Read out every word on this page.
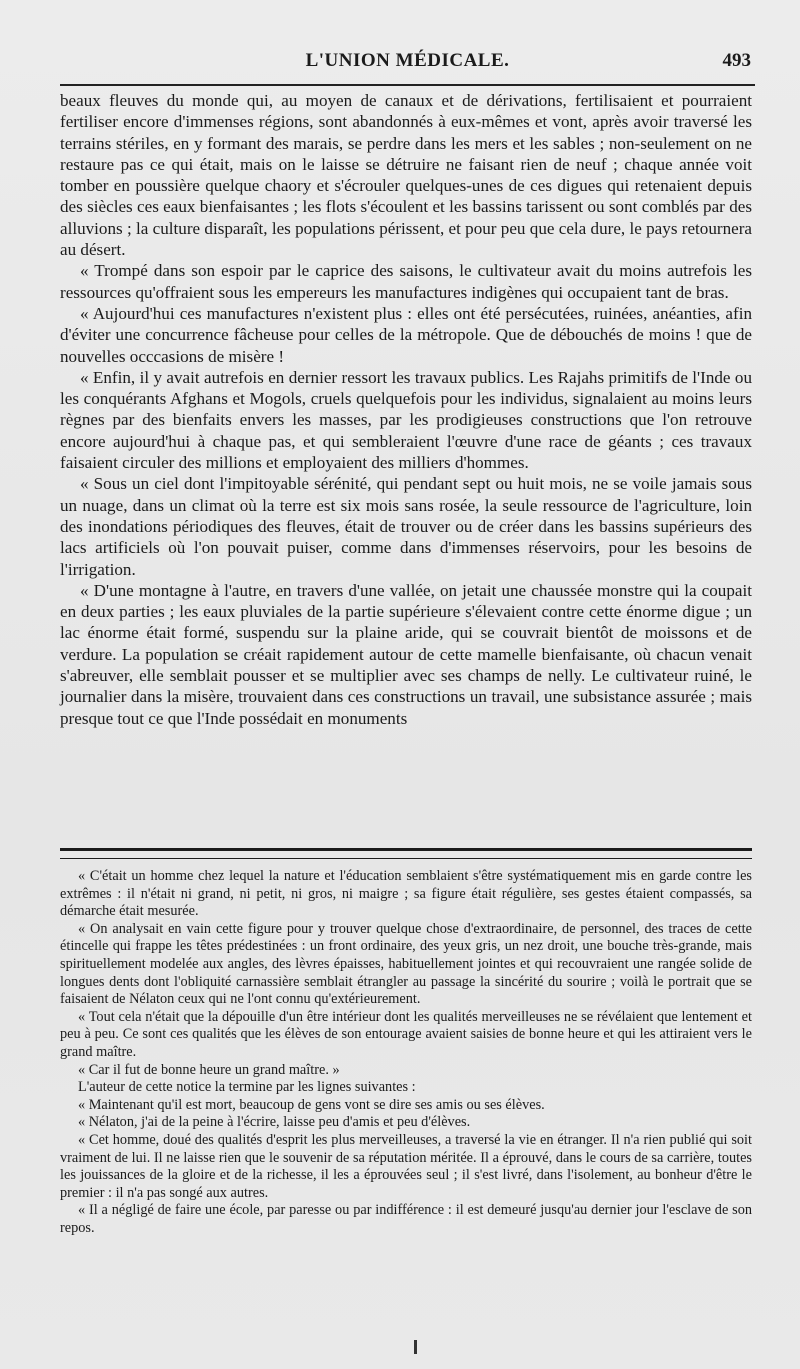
L'UNION MÉDICALE.	493

beaux fleuves du monde qui, au moyen de canaux et de dérivations, fertilisaient et pourraient fertiliser encore d'immenses régions, sont abandonnés à eux-mêmes et vont, après avoir traversé les terrains stériles, en y formant des marais, se perdre dans les mers et les sables ; non-seulement on ne restaure pas ce qui était, mais on le laisse se détruire ne faisant rien de neuf ; chaque année voit tomber en poussière quelque chaory et s'écrouler quelques-unes de ces digues qui retenaient depuis des siècles ces eaux bienfaisantes ; les flots s'écoulent et les bassins tarissent ou sont comblés par des alluvions ; la culture disparaît, les populations périssent, et pour peu que cela dure, le pays retournera au désert.

« Trompé dans son espoir par le caprice des saisons, le cultivateur avait du moins autrefois les ressources qu'offraient sous les empereurs les manufactures indigènes qui occupaient tant de bras.

« Aujourd'hui ces manufactures n'existent plus : elles ont été persécutées, ruinées, anéanties, afin d'éviter une concurrence fâcheuse pour celles de la métropole. Que de débouchés de moins ! que de nouvelles occcasions de misère !

« Enfin, il y avait autrefois en dernier ressort les travaux publics. Les Rajahs primitifs de l'Inde ou les conquérants Afghans et Mogols, cruels quelquefois pour les individus, signalaient au moins leurs règnes par des bienfaits envers les masses, par les prodigieuses constructions que l'on retrouve encore aujourd'hui à chaque pas, et qui sembleraient l'œuvre d'une race de géants ; ces travaux faisaient circuler des millions et employaient des milliers d'hommes.

« Sous un ciel dont l'impitoyable sérénité, qui pendant sept ou huit mois, ne se voile jamais sous un nuage, dans un climat où la terre est six mois sans rosée, la seule ressource de l'agriculture, loin des inondations périodiques des fleuves, était de trouver ou de créer dans les bassins supérieurs des lacs artificiels où l'on pouvait puiser, comme dans d'immenses réservoirs, pour les besoins de l'irrigation.

« D'une montagne à l'autre, en travers d'une vallée, on jetait une chaussée monstre qui la coupait en deux parties ; les eaux pluviales de la partie supérieure s'élevaient contre cette énorme digue ; un lac énorme était formé, suspendu sur la plaine aride, qui se couvrait bientôt de moissons et de verdure. La population se créait rapidement autour de cette mamelle bienfaisante, où chacun venait s'abreuver, elle semblait pousser et se multiplier avec ses champs de nelly. Le cultivateur ruiné, le journalier dans la misère, trouvaient dans ces constructions un travail, une subsistance assurée ; mais presque tout ce que l'Inde possédait en monuments

« C'était un homme chez lequel la nature et l'éducation semblaient s'être systématiquement mis en garde contre les extrêmes : il n'était ni grand, ni petit, ni gros, ni maigre ; sa figure était régulière, ses gestes étaient compassés, sa démarche était mesurée.

« On analysait en vain cette figure pour y trouver quelque chose d'extraordinaire, de personnel, des traces de cette étincelle qui frappe les têtes prédestinées : un front ordinaire, des yeux gris, un nez droit, une bouche très-grande, mais spirituellement modelée aux angles, des lèvres épaisses, habituellement jointes et qui recouvraient une rangée solide de longues dents dont l'obliquité carnassière semblait étrangler au passage la sincérité du sourire ; voilà le portrait que se faisaient de Nélaton ceux qui ne l'ont connu qu'extérieurement.

« Tout cela n'était que la dépouille d'un être intérieur dont les qualités merveilleuses ne se révélaient que lentement et peu à peu. Ce sont ces qualités que les élèves de son entourage avaient saisies de bonne heure et qui les attiraient vers le grand maître.

« Car il fut de bonne heure un grand maître. »

L'auteur de cette notice la termine par les lignes suivantes :

« Maintenant qu'il est mort, beaucoup de gens vont se dire ses amis ou ses élèves.

« Nélaton, j'ai de la peine à l'écrire, laisse peu d'amis et peu d'élèves.

« Cet homme, doué des qualités d'esprit les plus merveilleuses, a traversé la vie en étranger. Il n'a rien publié qui soit vraiment de lui. Il ne laisse rien que le souvenir de sa réputation méritée. Il a éprouvé, dans le cours de sa carrière, toutes les jouissances de la gloire et de la richesse, il les a éprouvées seul ; il s'est livré, dans l'isolement, au bonheur d'être le premier : il n'a pas songé aux autres.

« Il a négligé de faire une école, par paresse ou par indifférence : il est demeuré jusqu'au dernier jour l'esclave de son repos.
